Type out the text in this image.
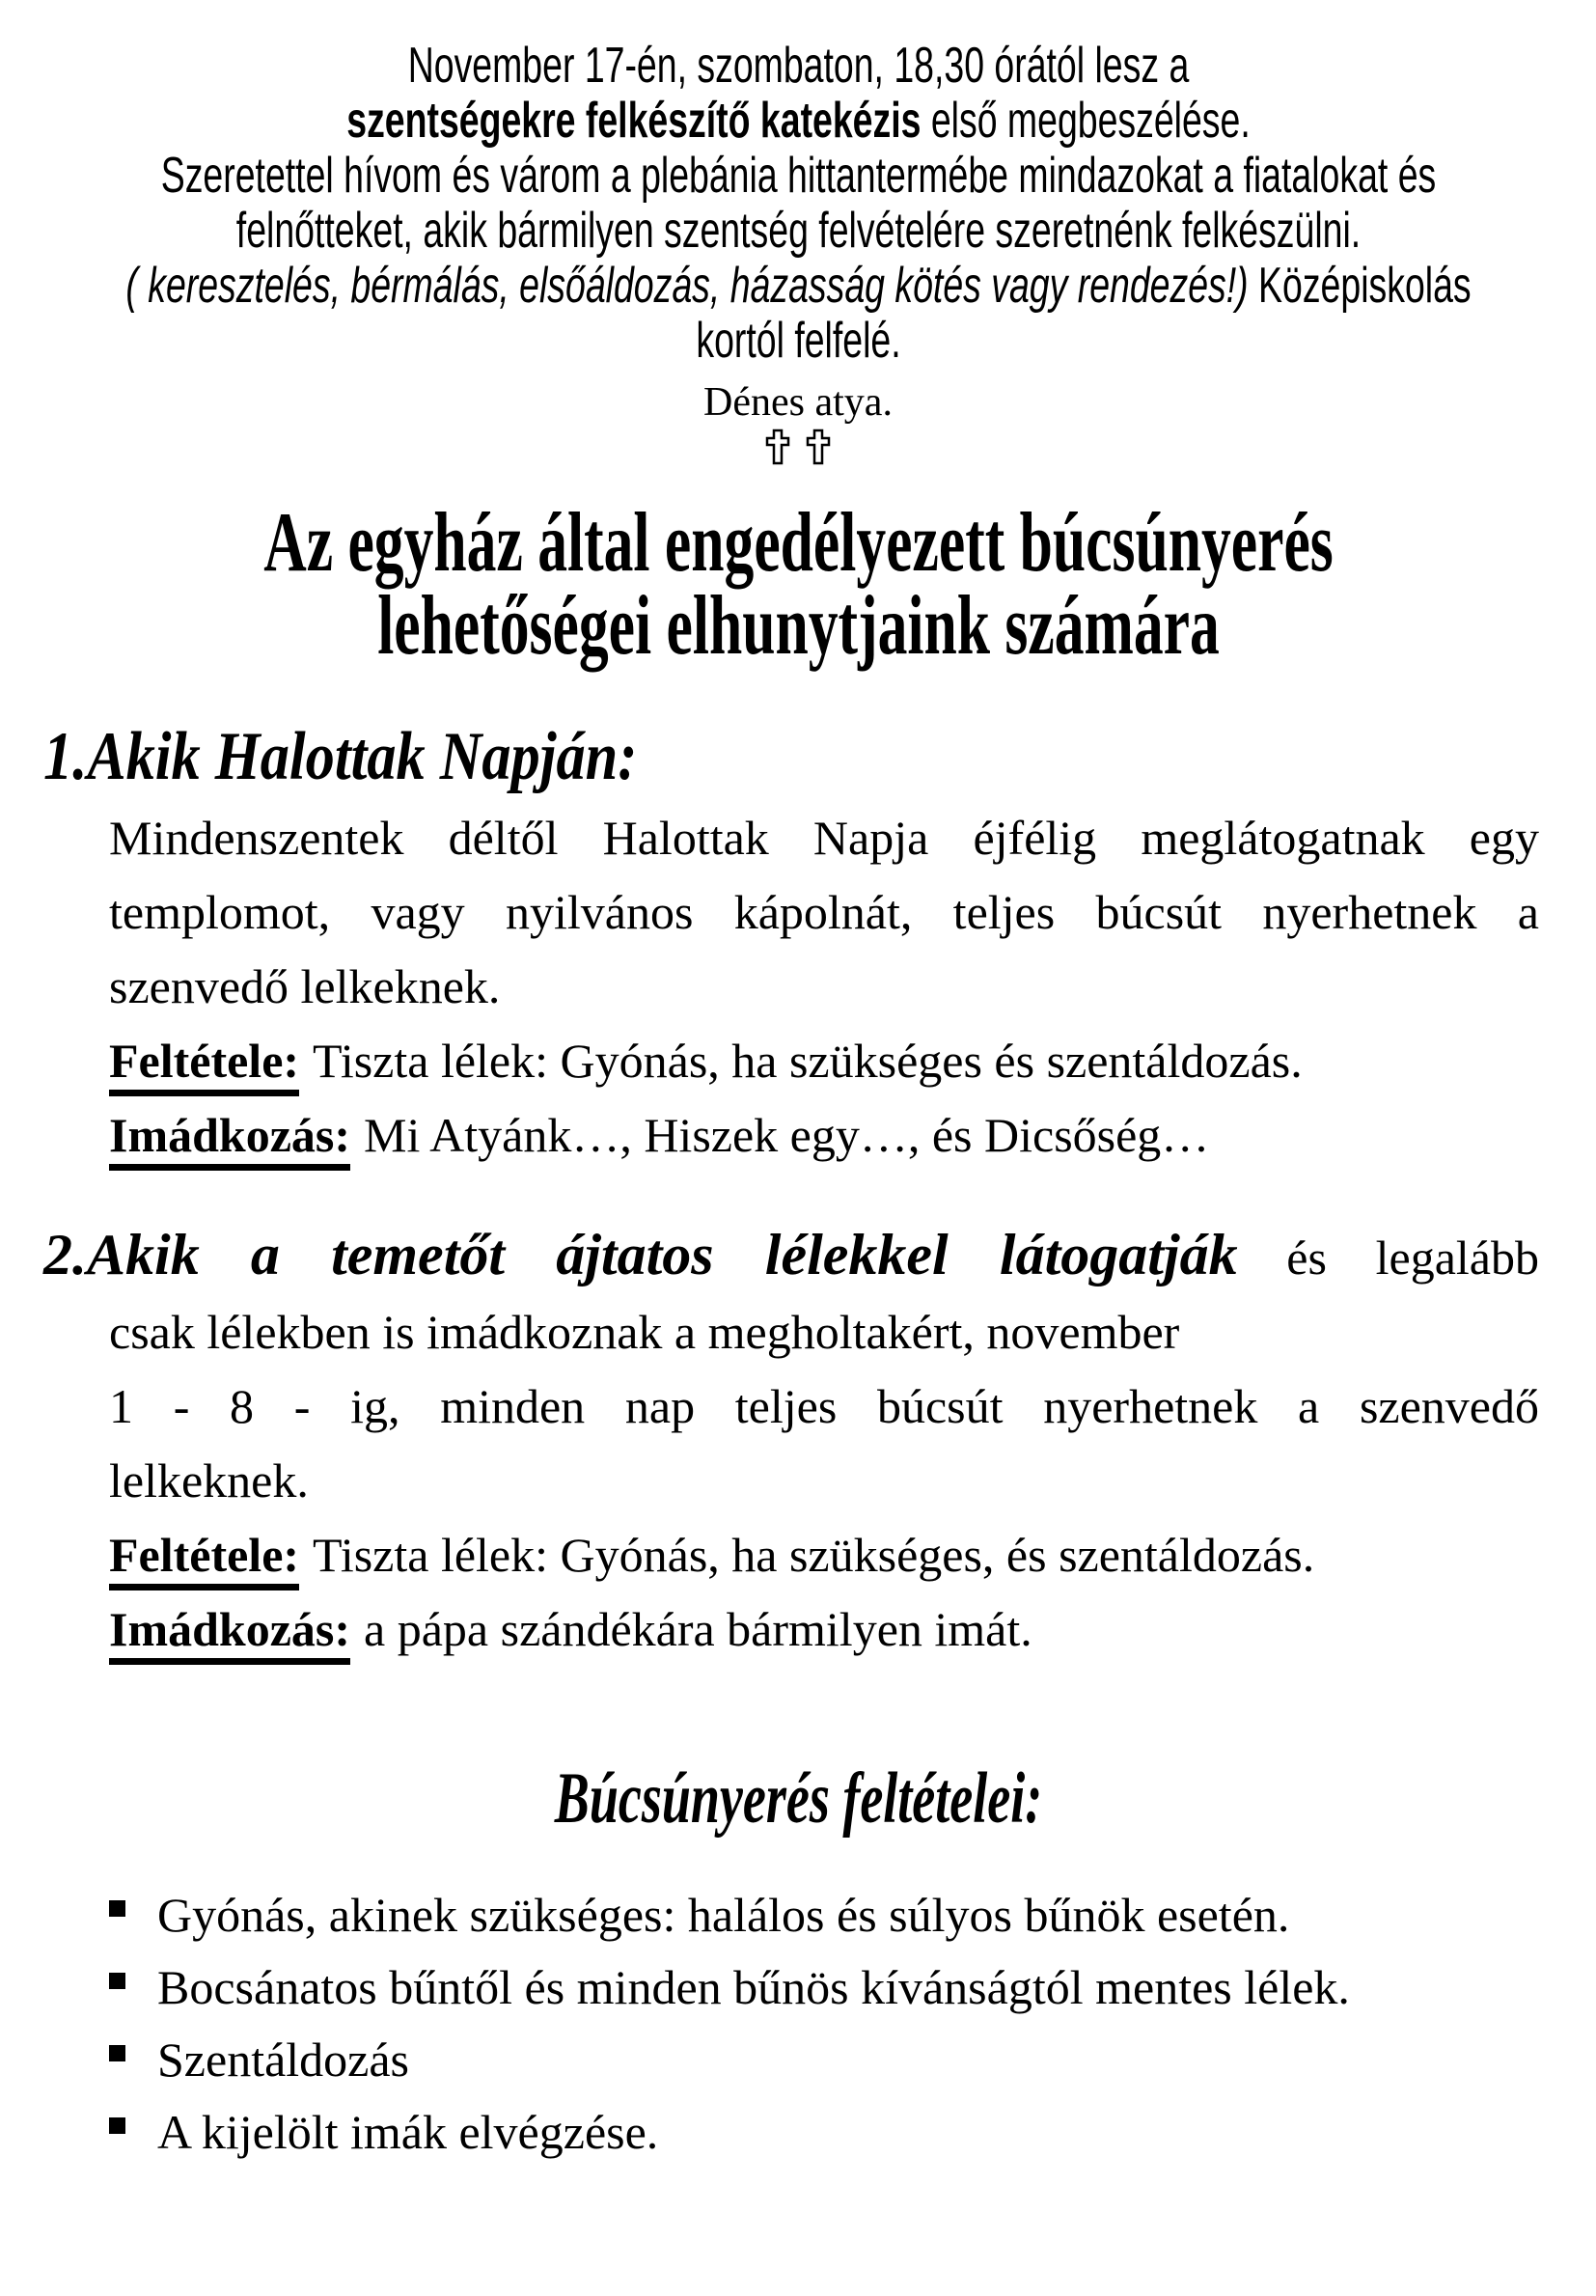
November 17-én, szombaton, 18,30 órától lesz a
szentségekre felkészítő katekézis első megbeszélése.
Szeretettel hívom és várom a plebánia hittantermébe mindazokat a fiatalokat és
felnőtteket, akik bármilyen szentség felvételére szeretnénk felkészülni.
( keresztelés, bérmálás, elsőáldozás, házasság kötés vagy rendezés!) Középiskolás
kortól felfelé.
Dénes atya.

Az egyház által engedélyezett búcsúnyerés
lehetőségei elhunytjaink számára
1.Akik Halottak Napján:
Mindenszentek déltől Halottak Napja éjfélig meglátogatnak egy
templomot, vagy nyilvános kápolnát, teljes búcsút nyerhetnek a
szenvedő lelkeknek.
Feltétele: Tiszta lélek: Gyónás, ha szükséges és szentáldozás.
Imádkozás: Mi Atyánk…, Hiszek egy…, és Dicsőség…
2.Akik a temetőt ájtatos lélekkel látogatják és legalább
csak lélekben is imádkoznak a megholtakért, november
1 - 8 - ig, minden nap teljes búcsút nyerhetnek a szenvedő
lelkeknek.
Feltétele: Tiszta lélek: Gyónás, ha szükséges, és szentáldozás.
Imádkozás: a pápa szándékára bármilyen imát.
Búcsúnyerés feltételei:
Gyónás, akinek szükséges: halálos és súlyos bűnök esetén.
Bocsánatos bűntől és minden bűnös kívánságtól mentes lélek.
Szentáldozás
A kijelölt imák elvégzése.
